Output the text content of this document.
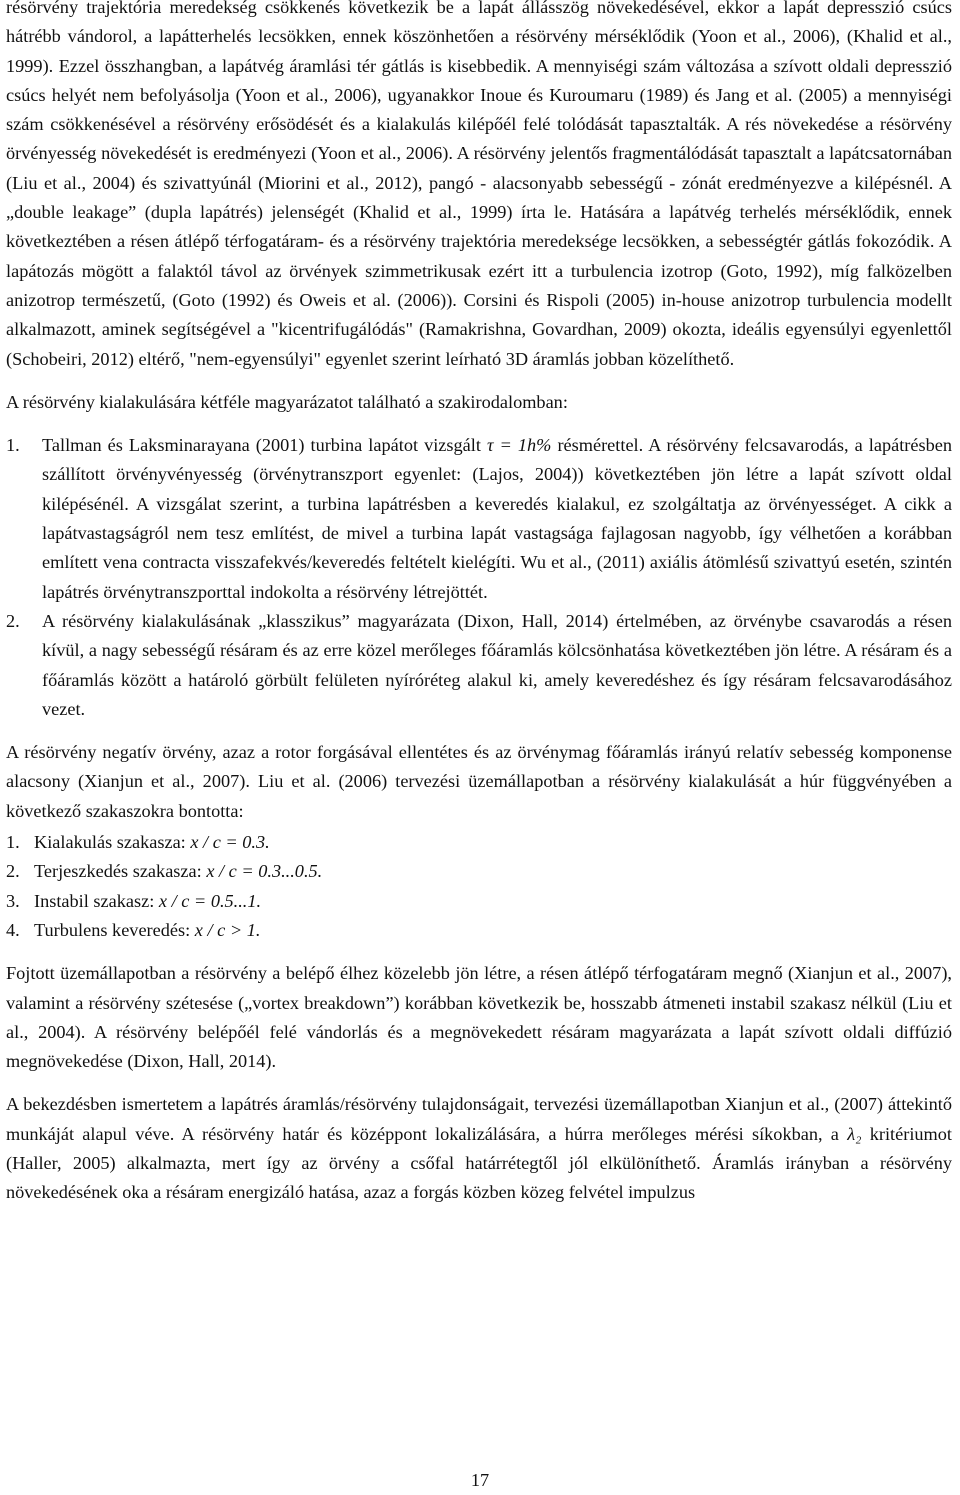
résörvény trajektória meredekség csökkenés következik be a lapát állásszög növekedésével, ekkor a lapát depresszió csúcs hátrébb vándorol, a lapátterhelés lecsökken, ennek köszönhetően a résörvény mérséklődik (Yoon et al., 2006), (Khalid et al., 1999). Ezzel összhangban, a lapátvég áramlási tér gátlás is kisebbedik. A mennyiségi szám változása a szívott oldali depresszió csúcs helyét nem befolyásolja (Yoon et al., 2006), ugyanakkor Inoue és Kuroumaru (1989) és Jang et al. (2005) a mennyiségi szám csökkenésével a résörvény erősödését és a kialakulás kilépőél felé tolódását tapasztalták. A rés növekedése a résörvény örvényesség növekedését is eredményezi (Yoon et al., 2006). A résörvény jelentős fragmentálódását tapasztalt a lapátcsatornában (Liu et al., 2004) és szivattyúnál (Miorini et al., 2012), pangó - alacsonyabb sebességű - zónát eredményezve a kilépésnél. A „double leakage” (dupla lapátrés) jelenségét (Khalid et al., 1999) írta le. Hatására a lapátvég terhelés mérséklődik, ennek következtében a résen átlépő térfogatáram- és a résörvény trajektória meredeksége lecsökken, a sebességtér gátlás fokozódik. A lapátozás mögött a falaktól távol az örvények szimmetrikusak ezért itt a turbulencia izotrop (Goto, 1992), míg falközelben anizotrop természetű, (Goto (1992) és Oweis et al. (2006)). Corsini és Rispoli (2005) in-house anizotrop turbulencia modellt alkalmazott, aminek segítségével a "kicentrifugálódás" (Ramakrishna, Govardhan, 2009) okozta, ideális egyensúlyi egyenlettől (Schobeiri, 2012) eltérő, "nem-egyensúlyi" egyenlet szerint leírható 3D áramlás jobban közelíthető.

A résörvény kialakulására kétféle magyarázatot található a szakirodalomban:

1. Tallman és Laksminarayana (2001) turbina lapátot vizsgált τ = 1h% résmérettel. A résörvény felcsavarodás, a lapátrésben szállított örvényvényesség (örvénytranszport egyenlet: (Lajos, 2004)) következtében jön létre a lapát szívott oldal kilépésénél. A vizsgálat szerint, a turbina lapátrésben a keveredés kialakul, ez szolgáltatja az örvényességet. A cikk a lapátvastagságról nem tesz említést, de mivel a turbina lapát vastagsága fajlagosan nagyobb, így vélhetően a korábban említett vena contracta visszafekvés/keveredés feltételt kielégíti. Wu et al., (2011) axiális átömlésű szivattyú esetén, szintén lapátrés örvénytranszporttal indokolta a résörvény létrejöttét.
2. A résörvény kialakulásának „klasszikus” magyarázata (Dixon, Hall, 2014) értelmében, az örvénybe csavarodás a résen kívül, a nagy sebességű résáram és az erre közel merőleges főáramlás kölcsönhatása következtében jön létre. A résáram és a főáramlás között a határoló görbült felületen nyíróréteg alakul ki, amely keveredéshez és így résáram felcsavarodásához vezet.

A résörvény negatív örvény, azaz a rotor forgásával ellentétes és az örvénymag főáramlás irányú relatív sebesség komponense alacsony (Xianjun et al., 2007). Liu et al. (2006) tervezési üzemállapotban a résörvény kialakulását a húr függvényében a következő szakaszokra bontotta:

1. Kialakulás szakasza: x / c = 0.3.
2. Terjeszkedés szakasza: x / c = 0.3...0.5.
3. Instabil szakasz: x / c = 0.5...1.
4. Turbulens keveredés: x / c > 1.

Fojtott üzemállapotban a résörvény a belépő élhez közelebb jön létre, a résen átlépő térfogatáram megnő (Xianjun et al., 2007), valamint a résörvény szétesése („vortex breakdown”) korábban következik be, hosszabb átmeneti instabil szakasz nélkül (Liu et al., 2004). A résörvény belépőél felé vándorlás és a megnövekedett résáram magyarázata a lapát szívott oldali diffúzió megnövekedése (Dixon, Hall, 2014).

A bekezdésben ismertetem a lapátrés áramlás/résörvény tulajdonságait, tervezési üzemállapotban Xianjun et al., (2007) áttekintő munkáját alapul véve. A résörvény határ és középpont lokalizálására, a húrra merőleges mérési síkokban, a λ₂ kritériumot (Haller, 2005) alkalmazta, mert így az örvény a csőfal határrétegtől jól elkülöníthető. Áramlás irányban a résörvény növekedésének oka a résáram energizáló hatása, azaz a forgás közben közeg felvétel impulzus

17
